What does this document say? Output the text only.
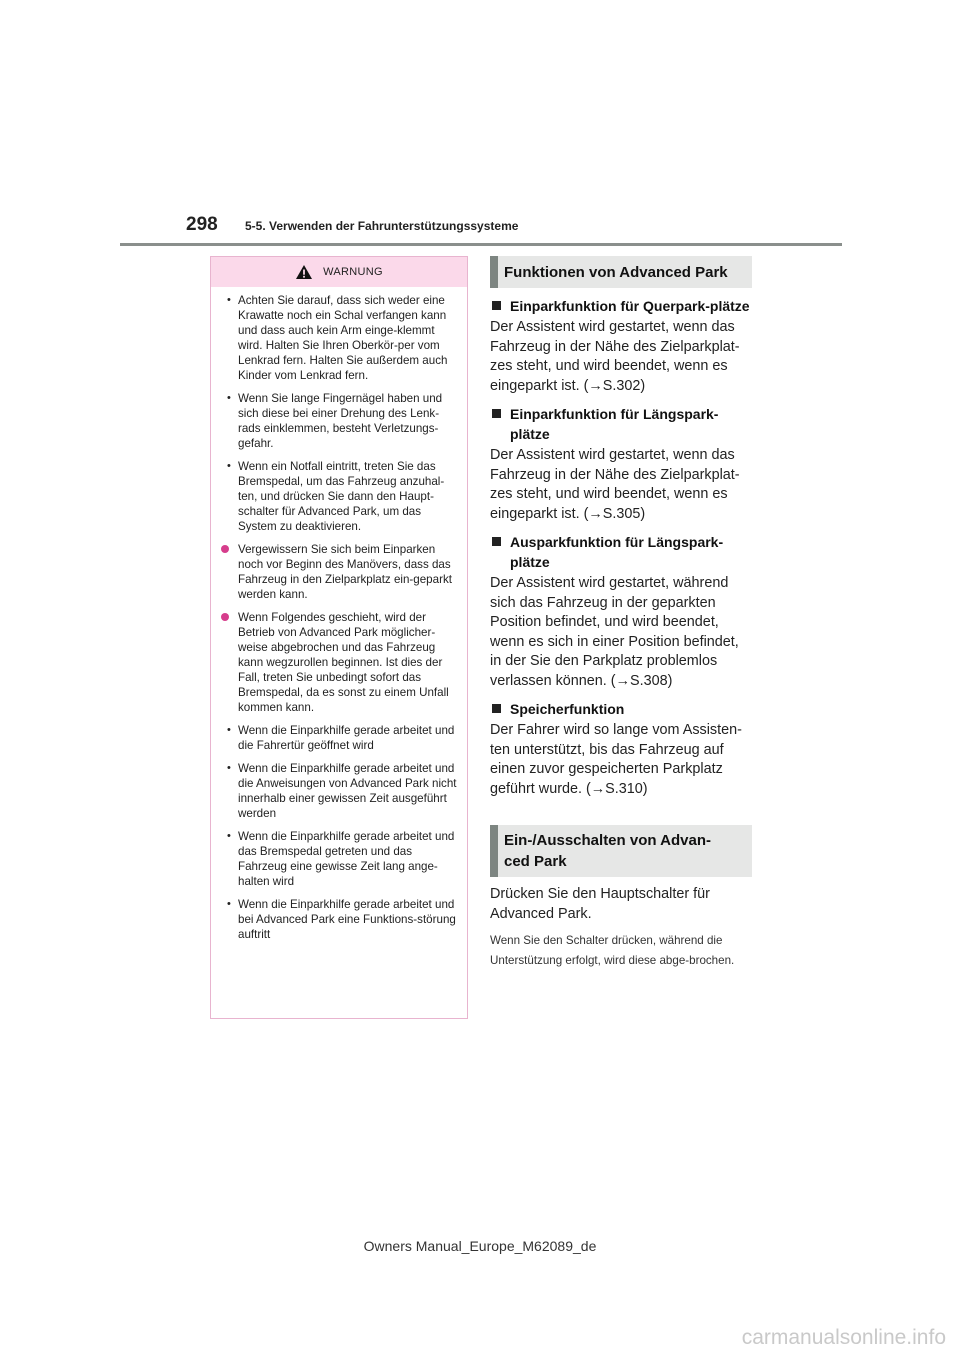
298 5-5. Verwenden der Fahrunterstützungssysteme
WARNUNG
• Achten Sie darauf, dass sich weder eine Krawatte noch ein Schal verfangen kann und dass auch kein Arm einge-klemmt wird. Halten Sie Ihren Oberkör-per vom Lenkrad fern. Halten Sie außerdem auch Kinder vom Lenkrad fern.
• Wenn Sie lange Fingernägel haben und sich diese bei einer Drehung des Lenk-rads einklemmen, besteht Verletzungs-gefahr.
• Wenn ein Notfall eintritt, treten Sie das Bremspedal, um das Fahrzeug anzuhal-ten, und drücken Sie dann den Haupt-schalter für Advanced Park, um das System zu deaktivieren.
Vergewissern Sie sich beim Einparken noch vor Beginn des Manövers, dass das Fahrzeug in den Zielparkplatz ein-geparkt werden kann.
Wenn Folgendes geschieht, wird der Betrieb von Advanced Park möglicher-weise abgebrochen und das Fahrzeug kann wegzurollen beginnen. Ist dies der Fall, treten Sie unbedingt sofort das Bremspedal, da es sonst zu einem Unfall kommen kann.
• Wenn die Einparkhilfe gerade arbeitet und die Fahrertür geöffnet wird
• Wenn die Einparkhilfe gerade arbeitet und die Anweisungen von Advanced Park nicht innerhalb einer gewissen Zeit ausgeführt werden
• Wenn die Einparkhilfe gerade arbeitet und das Bremspedal getreten und das Fahrzeug eine gewisse Zeit lang ange-halten wird
• Wenn die Einparkhilfe gerade arbeitet und bei Advanced Park eine Funktions-störung auftritt
Funktionen von Advanced Park
Einparkfunktion für Querpark-plätze
Der Assistent wird gestartet, wenn das Fahrzeug in der Nähe des Zielparkplat-zes steht, und wird beendet, wenn es eingeparkt ist. (→S.302)
Einparkfunktion für Längspark-plätze
Der Assistent wird gestartet, wenn das Fahrzeug in der Nähe des Zielparkplat-zes steht, und wird beendet, wenn es eingeparkt ist. (→S.305)
Ausparkfunktion für Längspark-plätze
Der Assistent wird gestartet, während sich das Fahrzeug in der geparkten Position befindet, und wird beendet, wenn es sich in einer Position befindet, in der Sie den Parkplatz problemlos verlassen können. (→S.308)
Speicherfunktion
Der Fahrer wird so lange vom Assisten-ten unterstützt, bis das Fahrzeug auf einen zuvor gespeicherten Parkplatz geführt wurde. (→S.310)
Ein-/Ausschalten von Advan-
ced Park
Drücken Sie den Hauptschalter für Advanced Park.
Wenn Sie den Schalter drücken, während die Unterstützung erfolgt, wird diese abge-brochen.
Owners Manual_Europe_M62089_de
carmanualsonline.info
